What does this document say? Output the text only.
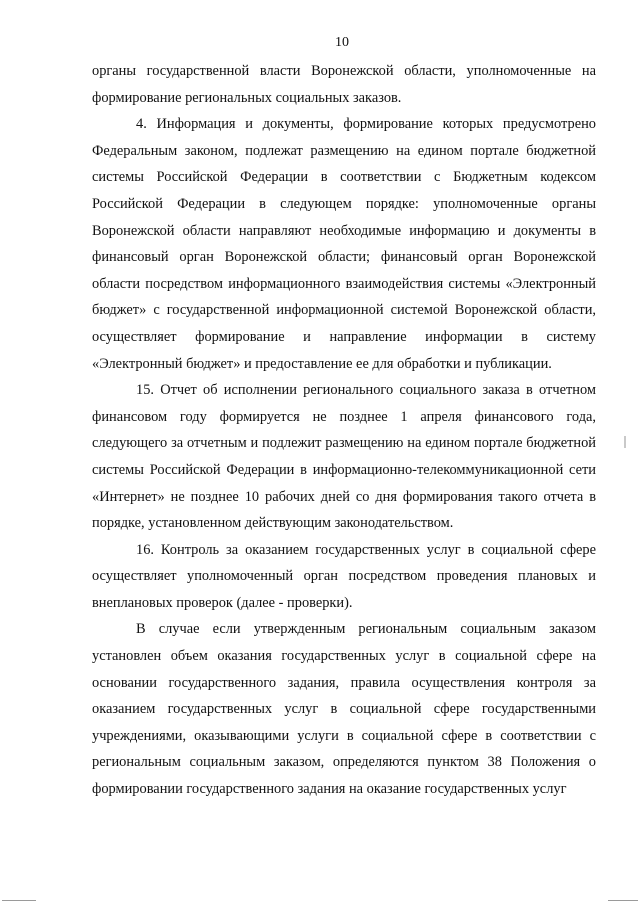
10

органы государственной власти Воронежской области, уполномоченные на формирование региональных социальных заказов.

4. Информация и документы, формирование которых предусмотрено Федеральным законом, подлежат размещению на едином портале бюджетной системы Российской Федерации в соответствии с Бюджетным кодексом Российской Федерации в следующем порядке: уполномоченные органы Воронежской области направляют необходимые информацию и документы в финансовый орган Воронежской области; финансовый орган Воронежской области посредством информационного взаимодействия системы «Электронный бюджет» с государственной информационной системой Воронежской области, осуществляет формирование и направление информации в систему «Электронный бюджет» и предоставление ее для обработки и публикации.

15. Отчет об исполнении регионального социального заказа в отчетном финансовом году формируется не позднее 1 апреля финансового года, следующего за отчетным и подлежит размещению на едином портале бюджетной системы Российской Федерации в информационно-телекоммуникационной сети «Интернет» не позднее 10 рабочих дней со дня формирования такого отчета в порядке, установленном действующим законодательством.

16. Контроль за оказанием государственных услуг в социальной сфере осуществляет уполномоченный орган посредством проведения плановых и внеплановых проверок (далее - проверки).

В случае если утвержденным региональным социальным заказом установлен объем оказания государственных услуг в социальной сфере на основании государственного задания, правила осуществления контроля за оказанием государственных услуг в социальной сфере государственными учреждениями, оказывающими услуги в социальной сфере в соответствии с региональным социальным заказом, определяются пунктом 38 Положения о формировании государственного задания на оказание государственных услуг
